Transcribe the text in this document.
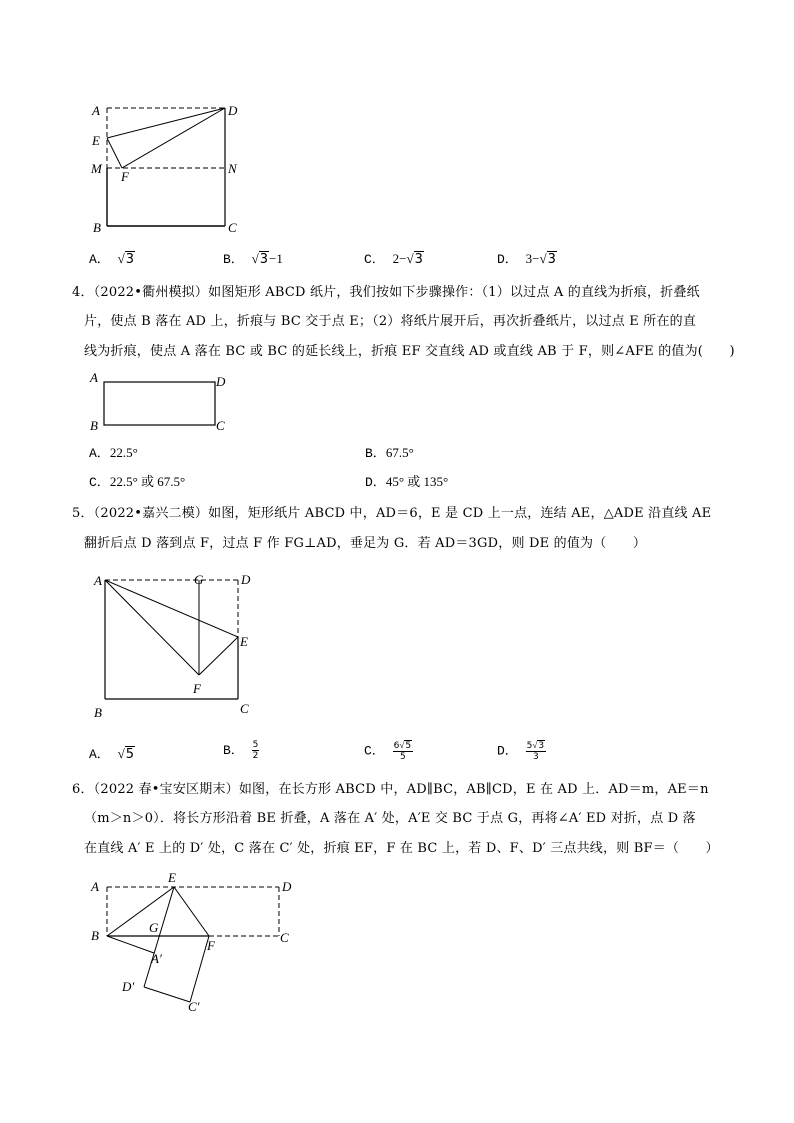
A	D
E
M
F
N
B	C
A． √3	B． √3−1	C． 2−√3	D． 3−√3
4．（2022•衢州模拟）如图矩形 ABCD 纸片，我们按如下步骤操作：（1）以过点 A 的直线为折痕，折叠纸
片，使点 B 落在 AD 上，折痕与 BC 交于点 E；（2）将纸片展开后，再次折叠纸片，以过点 E 所在的直
线为折痕，使点 A 落在 BC 或 BC 的延长线上，折痕 EF 交直线 AD 或直线 AB 于 F，则∠AFE 的值为(　　)
A	D
B	C
A．22.5°	B．67.5°
C．22.5° 或 67.5°	D．45° 或 135°
5．（2022•嘉兴二模）如图，矩形纸片 ABCD 中，AD＝6，E 是 CD 上一点，连结 AE，△ADE 沿直线 AE
翻折后点 D 落到点 F，过点 F 作 FG⊥AD，垂足为 G．若 AD＝3GD，则 DE 的值为（　　）
A	G	D
E
F
B	C
A． √5	B． $\frac{5}{2}$	C． $\frac{6√5}{5}$	D． $\frac{5√3}{3}$
6．（2022 春•宝安区期末）如图，在长方形 ABCD 中，AD∥BC，AB∥CD，E 在 AD 上．AD＝m，AE＝n
（m＞n＞0）．将长方形沿着 BE 折叠，A 落在 A′ 处，A′E 交 BC 于点 G，再将∠A′ ED 对折，点 D 落
在直线 A′ E 上的 D′ 处，C 落在 C′ 处，折痕 EF，F 在 BC 上，若 D、F、D′ 三点共线，则 BF＝（　　）
A
E
D
B
G
F
C
A′
D′
C′
